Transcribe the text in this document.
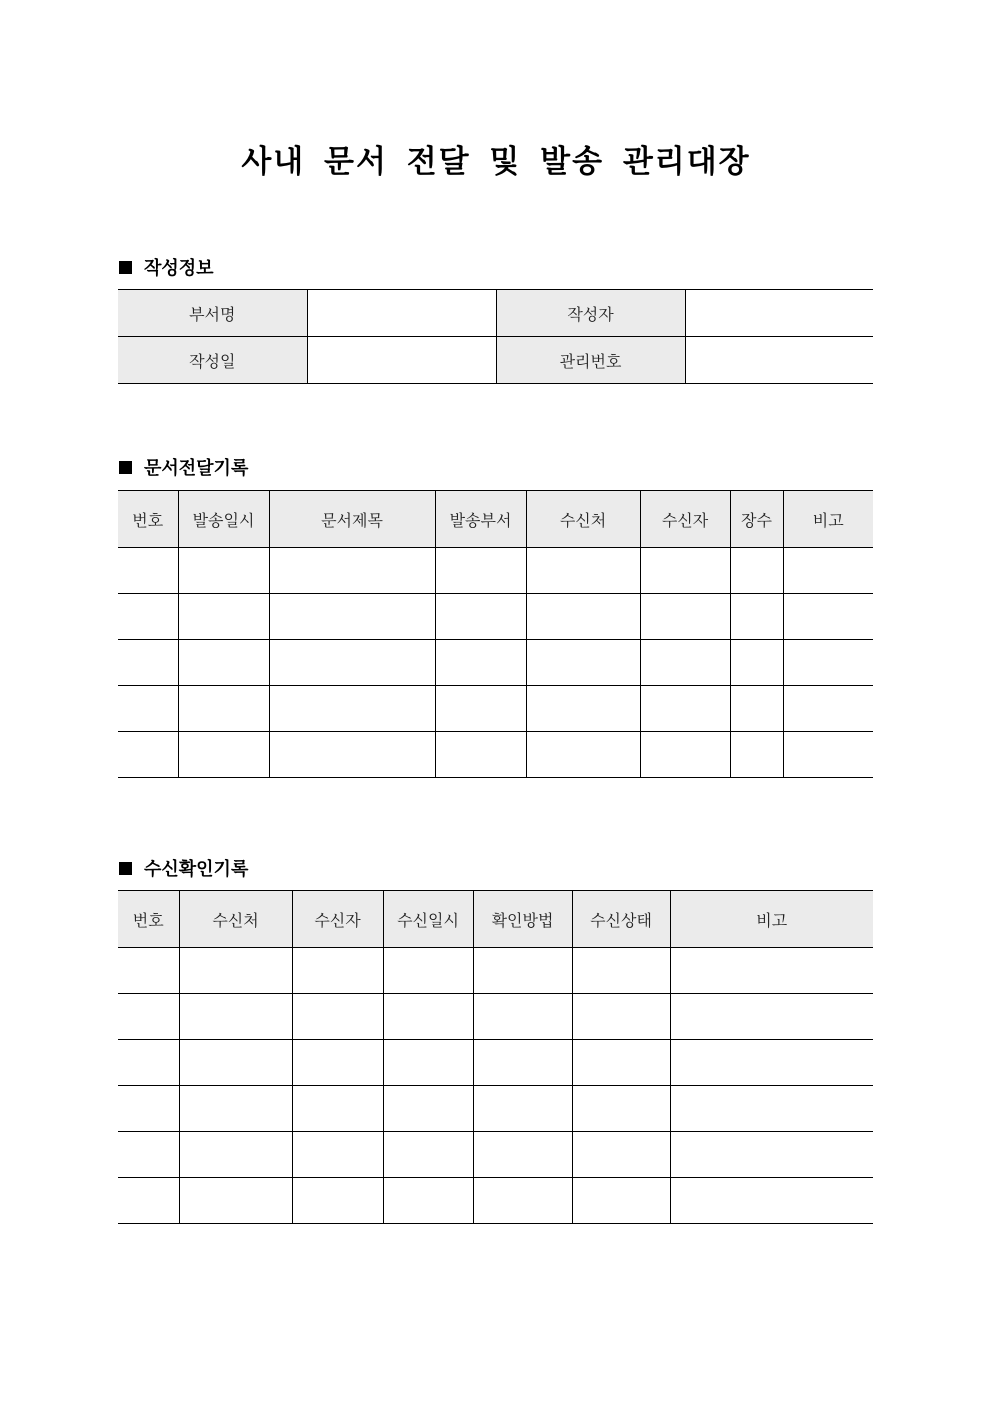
사내 문서 전달 및 발송 관리대장
작성정보
부서명		작성자	
작성일		관리번호	
문서전달기록
번호	발송일시	문서제목	발송부서	수신처	수신자	장수	비고

수신확인기록
번호	수신처	수신자	수신일시	확인방법	수신상태	비고
